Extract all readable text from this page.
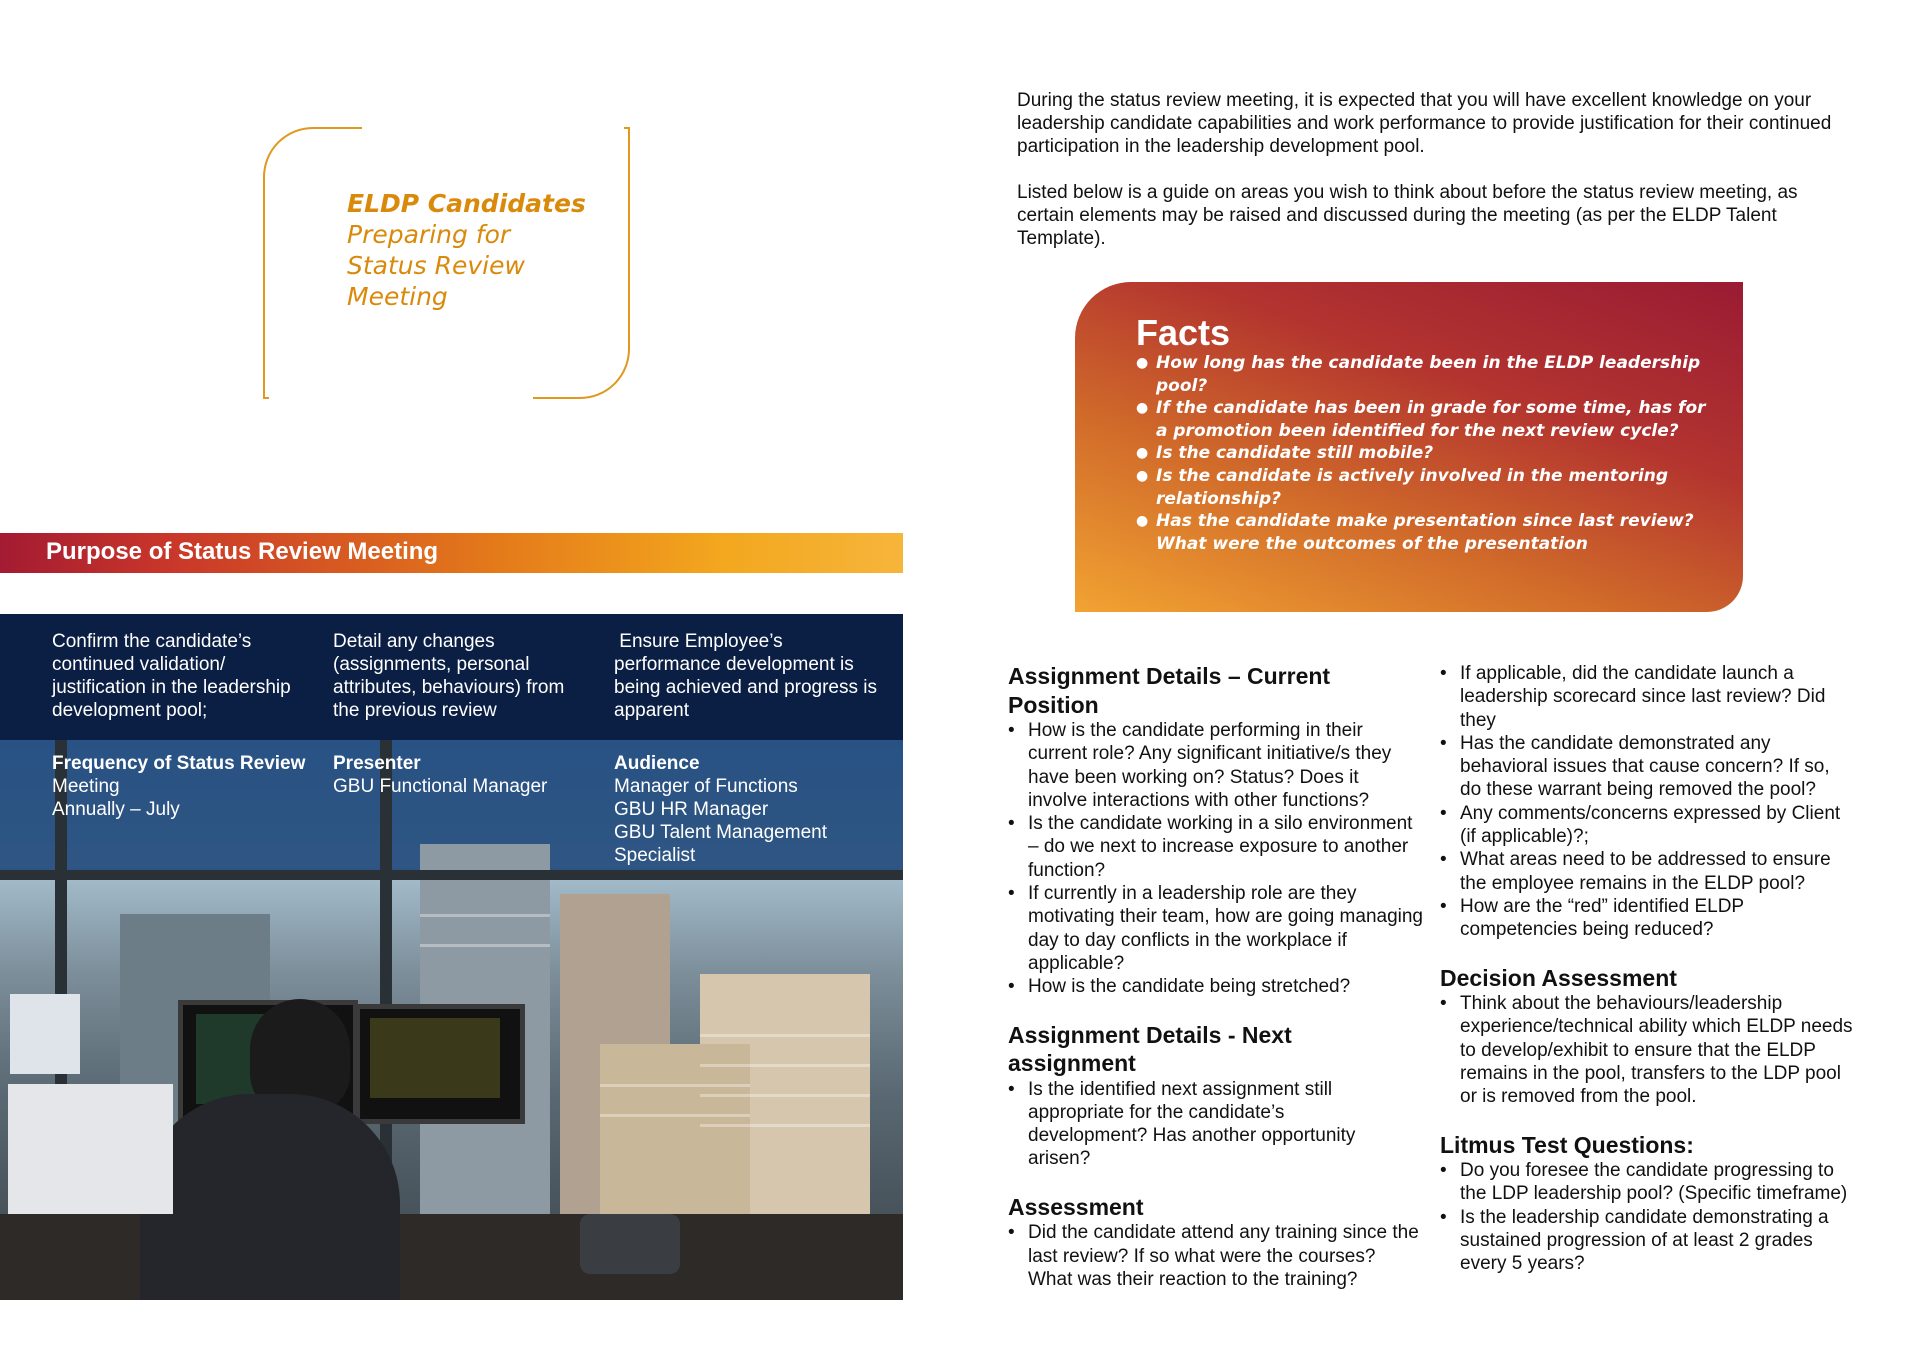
ELDP Candidates
Preparing for
Status Review
Meeting
Purpose of Status Review Meeting
Confirm the candidate’s continued validation/ justification in the leadership development pool;
Detail any changes (assignments, personal attributes, behaviours) from the previous review
Ensure Employee’s performance development is being achieved and progress is apparent
Frequency of Status Review
Meeting
Annually – July
Presenter
GBU Functional Manager
Audience
Manager of Functions
GBU HR Manager
GBU Talent Management
Specialist

During the status review meeting, it is expected that you will have excellent knowledge on your leadership candidate capabilities and work performance to provide justification for their continued participation in the leadership development pool.

Listed below is a guide on areas you wish to think about before the status review meeting, as certain elements may be raised and discussed during the meeting (as per the ELDP Talent Template).

Facts
● How long has the candidate been in the ELDP leadership pool?
● If the candidate has been in grade for some time, has for a promotion been identified for the next review cycle?
● Is the candidate still mobile?
● Is the candidate is actively involved in the mentoring relationship?
● Has the candidate make presentation since last review? What were the outcomes of the presentation
Assignment Details – Current Position
• How is the candidate performing in their current role? Any significant initiative/s they have been working on? Status? Does it involve interactions with other functions?
• Is the candidate working in a silo environment – do we next to increase exposure to another function?
• If currently in a leadership role are they motivating their team, how are going managing day to day conflicts in the workplace if applicable?
• How is the candidate being stretched?
Assignment Details - Next assignment
• Is the identified next assignment still appropriate for the candidate’s development? Has another opportunity arisen?
Assessment
• Did the candidate attend any training since the last review? If so what were the courses? What was their reaction to the training?
• If applicable, did the candidate launch a leadership scorecard since last review? Did they
• Has the candidate demonstrated any behavioral issues that cause concern? If so, do these warrant being removed the pool?
• Any comments/concerns expressed by Client (if applicable)?;
• What areas need to be addressed to ensure the employee remains in the ELDP pool?
• How are the “red” identified ELDP competencies being reduced?
Decision Assessment
• Think about the behaviours/leadership experience/technical ability which ELDP needs to develop/exhibit to ensure that the ELDP remains in the pool, transfers to the LDP pool or is removed from the pool.
Litmus Test Questions:
• Do you foresee the candidate progressing to the LDP leadership pool? (Specific timeframe)
• Is the leadership candidate demonstrating a sustained progression of at least 2 grades every 5 years?
